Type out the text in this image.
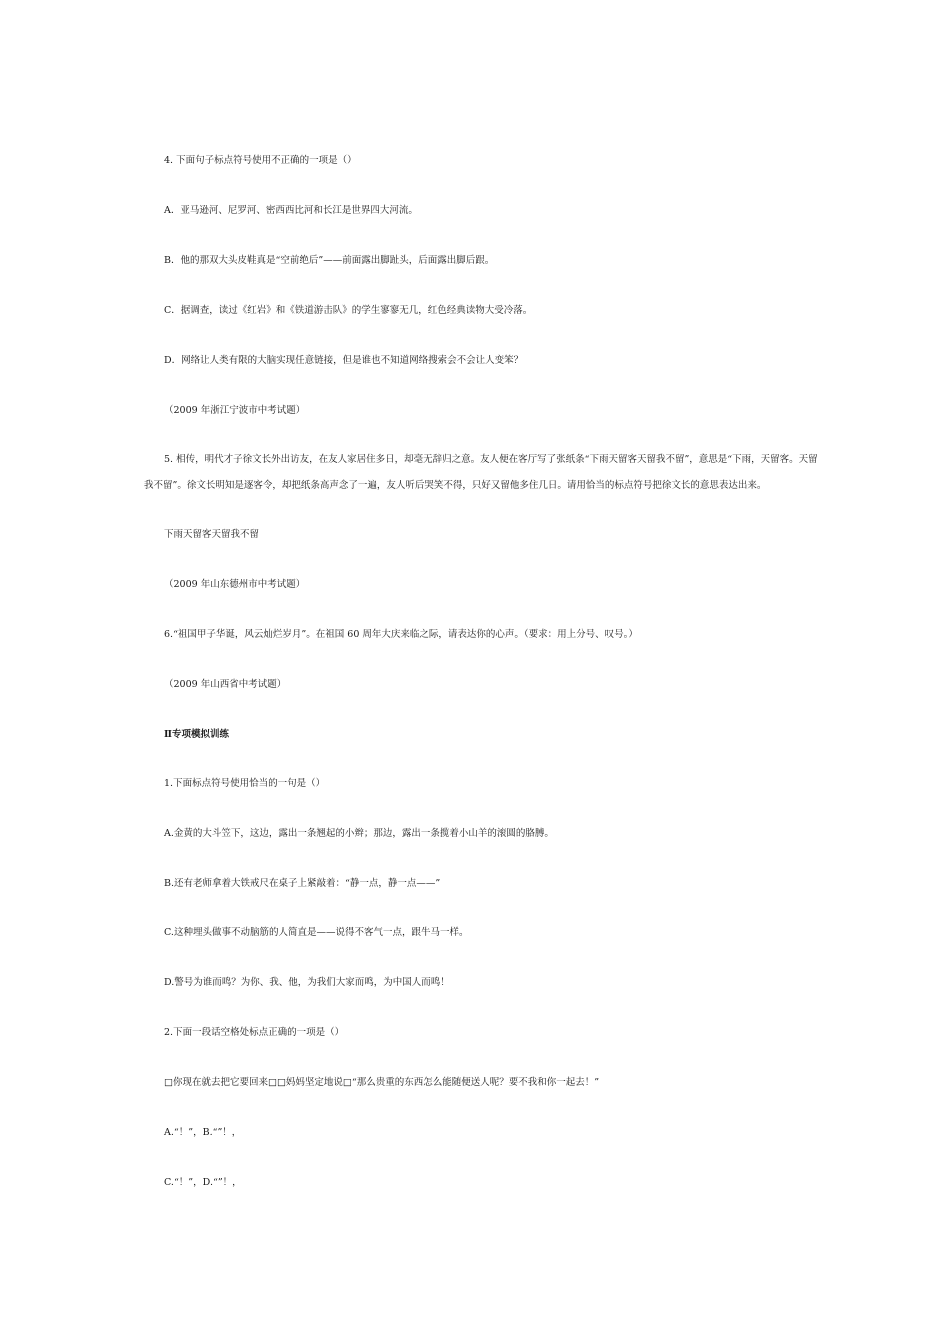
4. 下面句子标点符号使用不正确的一项是（）
A．亚马逊河、尼罗河、密西西比河和长江是世界四大河流。
B．他的那双大头皮鞋真是“空前绝后”——前面露出脚趾头，后面露出脚后跟。
C．据调查，读过《红岩》和《铁道游击队》的学生寥寥无几，红色经典读物大受冷落。
D．网络让人类有限的大脑实现任意链接，但是谁也不知道网络搜索会不会让人变笨？
（2009 年浙江宁波市中考试题）
5. 相传，明代才子徐文长外出访友，在友人家居住多日，却毫无辞归之意。友人便在客厅写了张纸条“下雨天留客天留我不留”，意思是“下雨，天留客。天留我不留”。徐文长明知是逐客令，却把纸条高声念了一遍，友人听后哭笑不得，只好又留他多住几日。请用恰当的标点符号把徐文长的意思表达出来。
下雨天留客天留我不留
（2009 年山东德州市中考试题）
6.“祖国甲子华诞，风云灿烂岁月”。在祖国 60 周年大庆来临之际，请表达你的心声。（要求：用上分号、叹号。）
（2009 年山西省中考试题）
Ⅱ专项模拟训练
1.下面标点符号使用恰当的一句是（）
A.金黄的大斗笠下，这边，露出一条翘起的小辫；那边，露出一条揽着小山羊的滚圆的胳膊。
B.还有老师拿着大铁戒尺在桌子上紧敲着：“静一点，静一点——”
C.这种埋头做事不动脑筋的人简直是——说得不客气一点，跟牛马一样。
D.警号为谁而鸣？为你、我、他，为我们大家而鸣，为中国人而鸣！
2.下面一段话空格处标点正确的一项是（）
□你现在就去把它要回来□□妈妈坚定地说□“那么贵重的东西怎么能随便送人呢？要不我和你一起去！”
A.“！”，B.“”！，
C.“！”，D.“”！，
